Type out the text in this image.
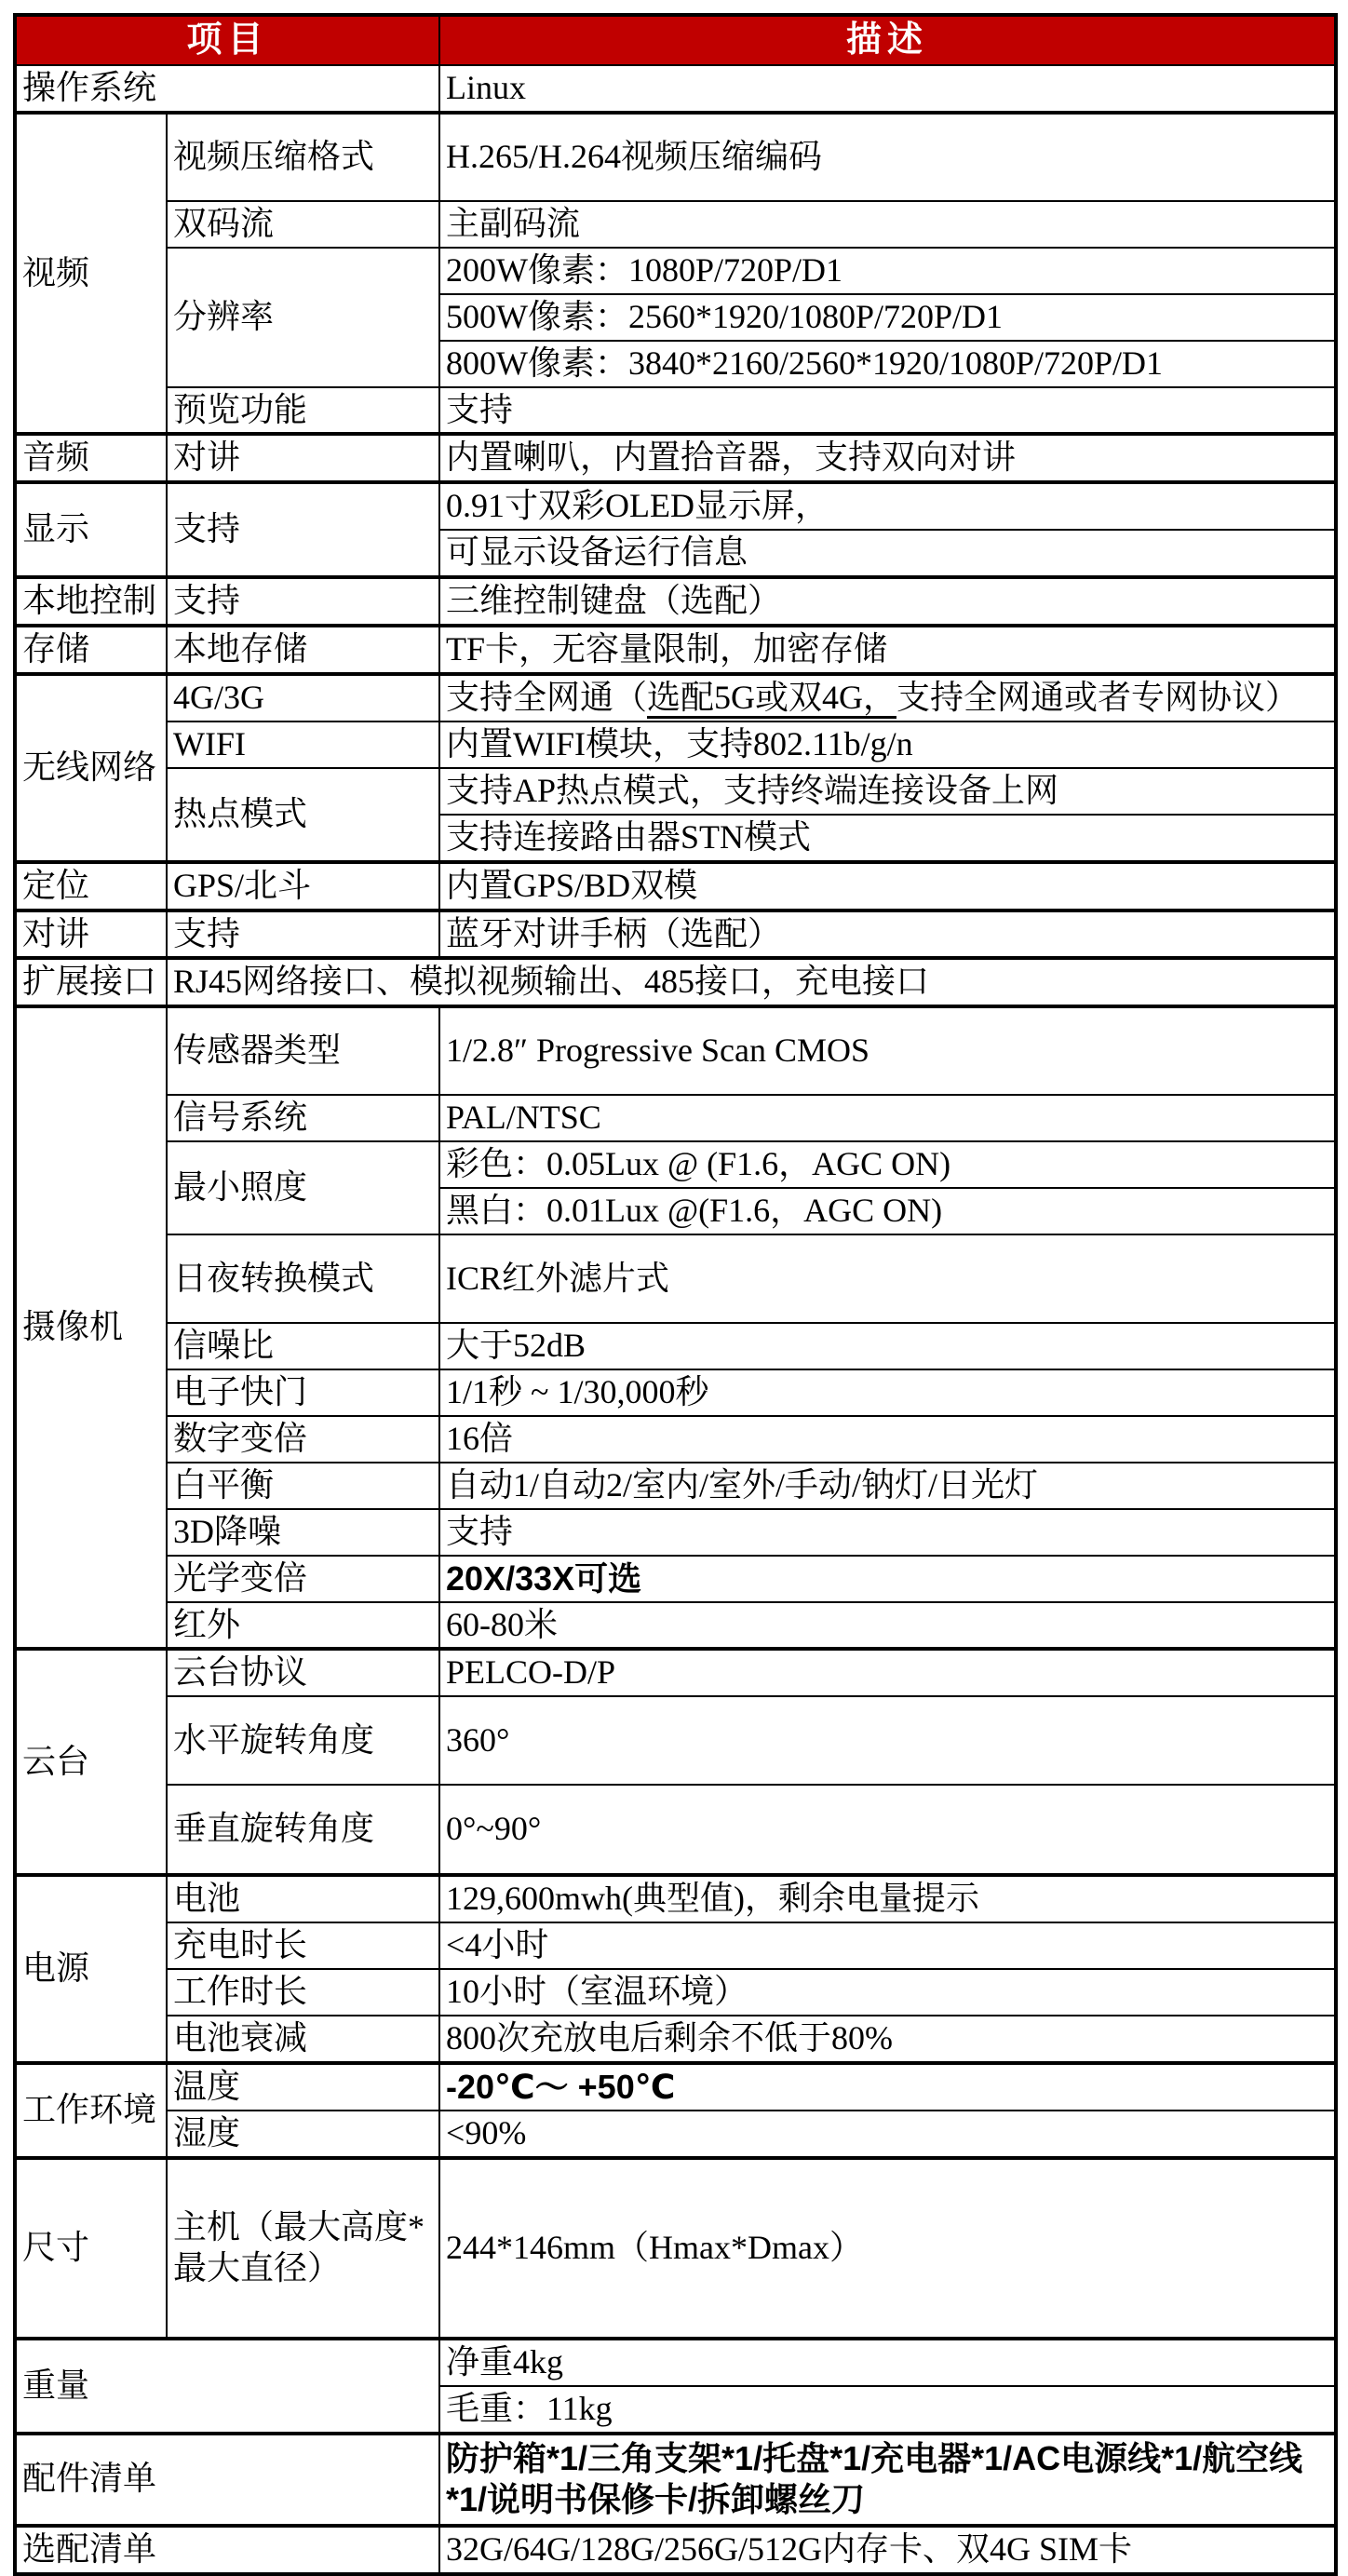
项目		描述
操作系统		Linux
视频	视频压缩格式	H.265/H.264视频压缩编码
	双码流	主副码流
	分辨率	200W像素：1080P/720P/D1
		500W像素：2560*1920/1080P/720P/D1
		800W像素：3840*2160/2560*1920/1080P/720P/D1
	预览功能	支持
音频	对讲	内置喇叭，内置拾音器，支持双向对讲
显示	支持	0.91寸双彩OLED显示屏，
		可显示设备运行信息
本地控制	支持	三维控制键盘（选配）
存储	本地存储	TF卡，无容量限制，加密存储
无线网络	4G/3G	支持全网通（选配5G或双4G，支持全网通或者专网协议）
	WIFI	内置WIFI模块，支持802.11b/g/n
	热点模式	支持AP热点模式，支持终端连接设备上网
		支持连接路由器STN模式
定位	GPS/北斗	内置GPS/BD双模
对讲	支持	蓝牙对讲手柄（选配）
扩展接口	RJ45网络接口、模拟视频输出、485接口，充电接口	
摄像机	传感器类型	1/2.8″ Progressive Scan CMOS
	信号系统	PAL/NTSC
	最小照度	彩色：0.05Lux @ (F1.6，AGC ON)
		黑白：0.01Lux @(F1.6，AGC ON)
	日夜转换模式	ICR红外滤片式
	信噪比	大于52dB
	电子快门	1/1秒 ~ 1/30,000秒
	数字变倍	16倍
	白平衡	自动1/自动2/室内/室外/手动/钠灯/日光灯
	3D降噪	支持
	光学变倍	20X/33X可选
	红外	60-80米
云台	云台协议	PELCO-D/P
	水平旋转角度	360°
	垂直旋转角度	0°~90°
电源	电池	129,600mwh(典型值)，剩余电量提示
	充电时长	<4小时
	工作时长	10小时（室温环境）
	电池衰减	800次充放电后剩余不低于80%
工作环境	温度	-20℃～ +50℃
	湿度	<90%
尺寸	主机（最大高度*最大直径）	244*146mm（Hmax*Dmax）
重量		净重4kg
		毛重：11kg
配件清单		防护箱*1/三角支架*1/托盘*1/充电器*1/AC电源线*1/航空线
*1/说明书保修卡/拆卸螺丝刀

选配清单		32G/64G/128G/256G/512G内存卡、双4G SIM卡
